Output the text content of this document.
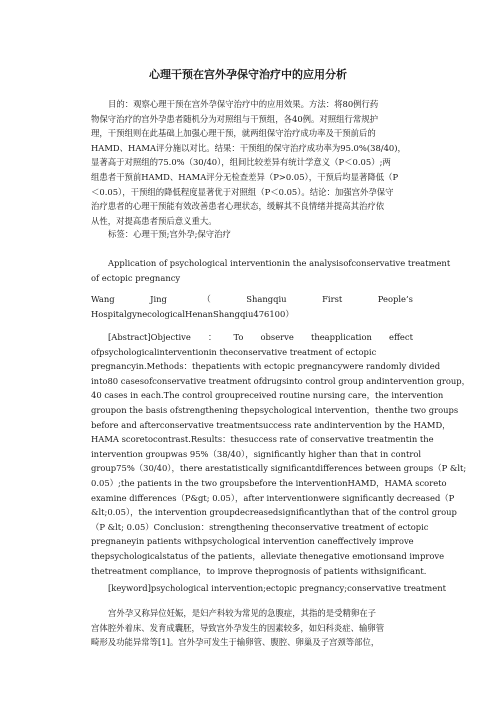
心理干预在宫外孕保守治疗中的应用分析
目的：观察心理干预在宫外孕保守治疗中的应用效果。方法：将80例行药
物保守治疗的宫外孕患者随机分为对照组与干预组，各40例。对照组行常规护
理，干预组则在此基础上加强心理干预，就两组保守治疗成功率及干预前后的
HAMD、HAMA评分施以对比。结果：干预组的保守治疗成功率为95.0%(38/40)，
显著高于对照组的75.0%（30/40），组间比较差异有统计学意义（P＜0.05）;两
组患者干预前HAMD、HAMA评分无检查差异（P>0.05），干预后均显著降低（P
＜0.05），干预组的降低程度显著优于对照组（P＜0.05）。结论：加强宫外孕保守
治疗患者的心理干预能有效改善患者心理状态，缓解其不良情绪并提高其治疗依
从性，对提高患者预后意义重大。
标签：心理干预;宫外孕;保守治疗
Application of psychological interventionin the analysisofconservative treatment
of ectopic pregnancy
Wang	Jing	（	Shangqiu	First	People’s
HospitalgynecologicalHenanShangqiu476100）
[Abstract]Objective ： To observe theapplication effect
ofpsychologicalinterventionin theconservative treatment of ectopic
pregnancyin.Methods：thepatients with ectopic pregnancywere randomly divided
into80 casesofconservative treatment ofdrugsinto control group andintervention group，
40 cases in each.The control groupreceived routine nursing care，the intervention
groupon the basis ofstrengthening thepsychological intervention，thenthe two groups
before and afterconservative treatmentsuccess rate andintervention by the HAMD，
HAMA scoretocontrast.Results：thesuccess rate of conservative treatmentin the
intervention groupwas 95%（38/40），significantly higher than that in control
group75%（30/40），there arestatistically significantdifferences between groups（P &lt;
0.05）;the patients in the two groupsbefore the interventionHAMD，HAMA scoreto
examine differences（P&gt; 0.05），after interventionwere significantly decreased（P
&lt;0.05），the intervention groupdecreasedsignificantlythan that of the control group
（P &lt; 0.05）Conclusion：strengthening theconservative treatment of ectopic
pregnaneyin patients withpsychological intervention caneffectively improve
thepsychologicalstatus of the patients，alleviate thenegative emotionsand improve
thetreatment compliance，to improve theprognosis of patients withsignificant.
[keyword]psychological intervention;ectopic pregnancy;conservative treatment
宫外孕又称异位妊娠，是妇产科较为常见的急腹症，其指的是受精卵在子
宫体腔外着床、发育成囊胚，导致宫外孕发生的因素较多，如妇科炎症、输卵管
畸形及功能异常等[1]。宫外孕可发生于输卵管、腹腔、卵巢及子宫颈等部位，
